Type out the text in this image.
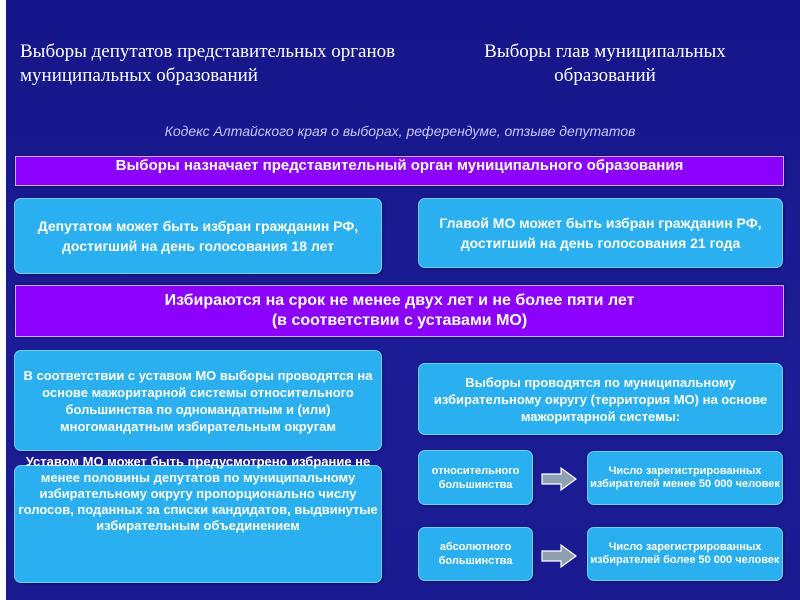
Выборы депутатов представительных органов муниципальных образований
Выборы глав муниципальных образований
Кодекс Алтайского края о выборах, референдуме, отзыве депутатов
Выборы назначает представительный орган муниципального образования
Депутатом может быть избран гражданин РФ, достигший на день голосования 18 лет
Главой МО может быть избран гражданин РФ, достигший на день голосования 21 года
Избираются на срок не менее двух лет и не более пяти лет
(в соответствии с уставами МО)
В соответствии с уставом МО выборы проводятся на основе мажоритарной системы относительного большинства по одномандатным и (или) многомандатным избирательным округам
Уставом МО может быть предусмотрено избрание не менее половины депутатов по муниципальному избирательному округу пропорционально числу голосов, поданных за списки кандидатов, выдвинутые избирательным объединением
Выборы проводятся по муниципальному избирательному округу (территория МО) на основе мажоритарной системы:
относительного большинства
Число зарегистрированных избирателей менее 50 000 человек
абсолютного большинства
Число зарегистрированных избирателей более 50 000 человек
